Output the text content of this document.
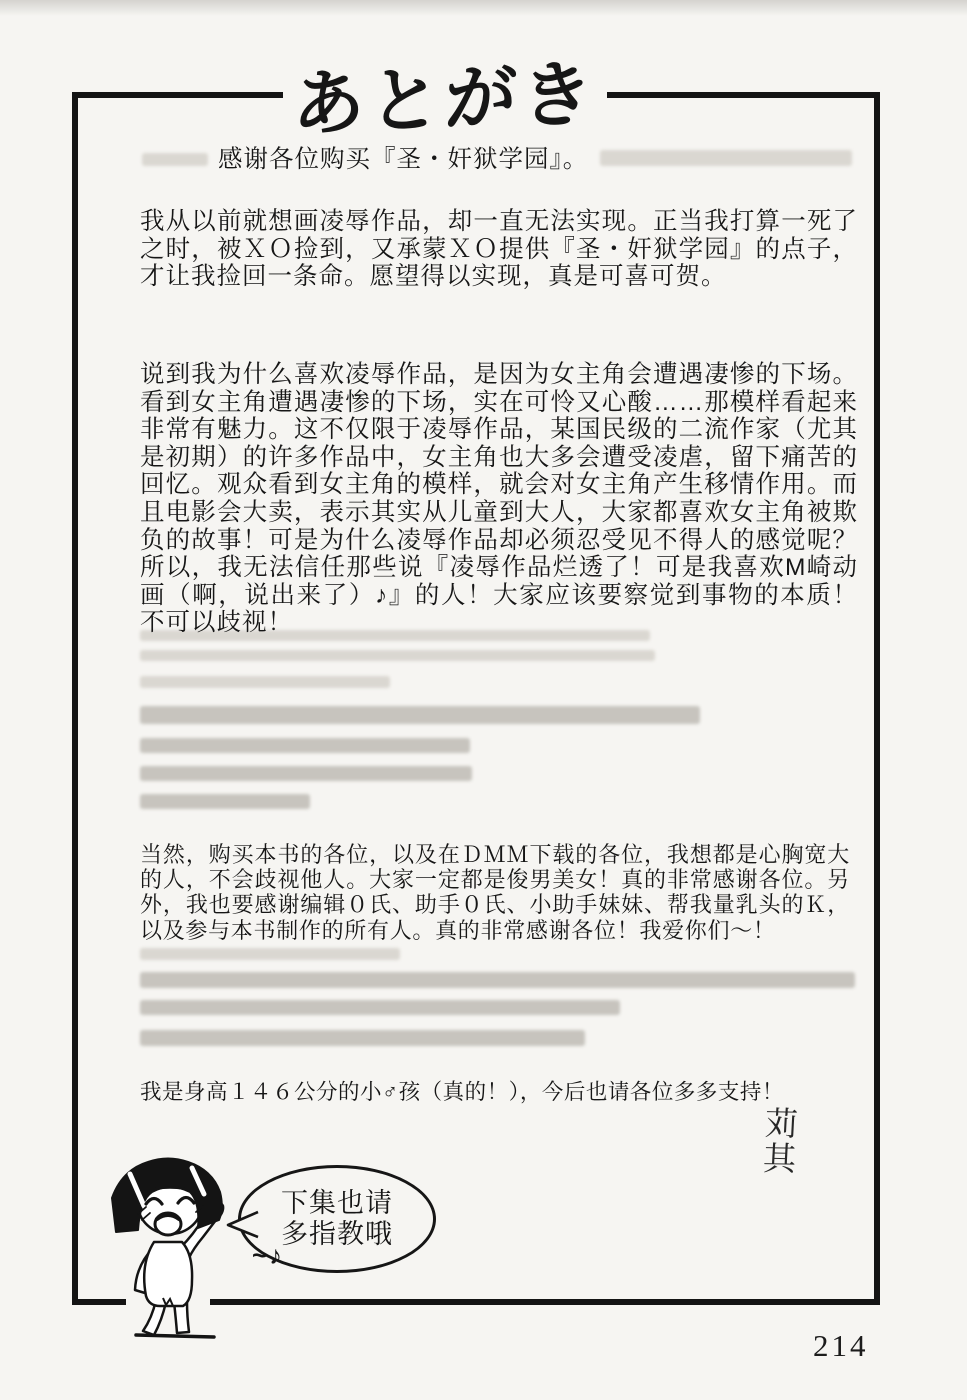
あとがき

感谢各位购买『圣・奸狱学园』。

我从以前就想画凌辱作品，却一直无法实现。正当我打算一死了之时，被ＸＯ捡到，又承蒙ＸＯ提供『圣・奸狱学园』的点子，才让我捡回一条命。愿望得以实现，真是可喜可贺。

说到我为什么喜欢凌辱作品，是因为女主角会遭遇凄惨的下场。看到女主角遭遇凄惨的下场，实在可怜又心酸……那模样看起来非常有魅力。这不仅限于凌辱作品，某国民级的二流作家（尤其是初期）的许多作品中，女主角也大多会遭受凌虐，留下痛苦的回忆。观众看到女主角的模样，就会对女主角产生移情作用。而且电影会大卖，表示其实从儿童到大人，大家都喜欢女主角被欺负的故事！可是为什么凌辱作品却必须忍受见不得人的感觉呢？所以，我无法信任那些说『凌辱作品烂透了！可是我喜欢M崎动画（啊，说出来了）♪』的人！大家应该要察觉到事物的本质！不可以歧视！

当然，购买本书的各位，以及在ＤＭＭ下载的各位，我想都是心胸宽大的人，不会歧视他人。大家一定都是俊男美女！真的非常感谢各位。另外，我也要感谢编辑０氏、助手０氏、小助手妹妹、帮我量乳头的Ｋ，以及参与本书制作的所有人。真的非常感谢各位！我爱你们～！

我是身高１４６公分的小♂孩（真的！），今后也请各位多多支持！

苅其
下集也请
多指教哦
~♪
214
